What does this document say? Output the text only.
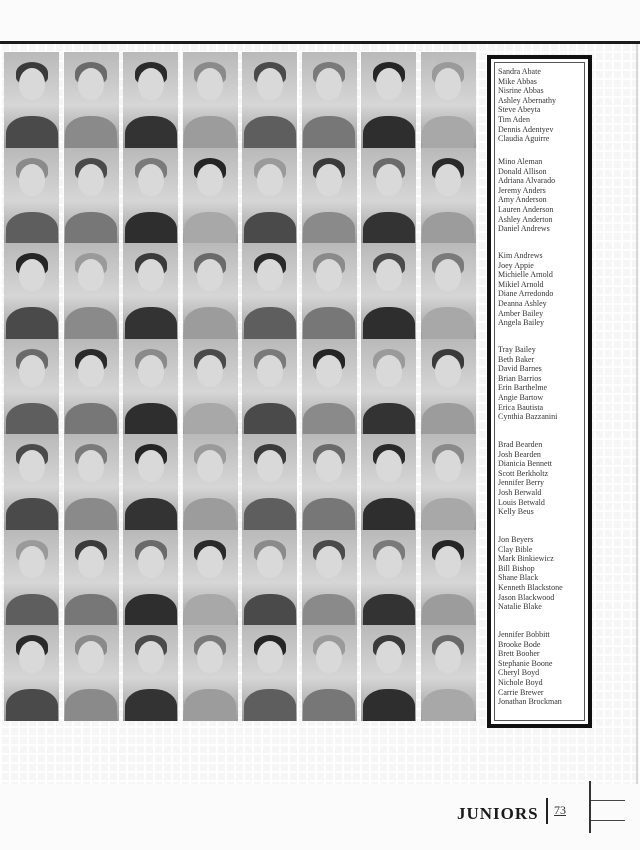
Sandra Abate
Mike Abbas
Nisrine Abbas
Ashley Abernathy
Steve Abeyta
Tim Aden
Dennis Adentyev
Claudia Aguirre
Mino Aleman
Donald Allison
Adriana Alvarado
Jeremy Anders
Amy Anderson
Lauren Anderson
Ashley Anderton
Daniel Andrews
Kim Andrews
Joey Appie
Michielle Arnold
Mikiel Arnold
Diane Arredondo
Deanna Ashley
Amber Bailey
Angela Bailey
Tray Bailey
Beth Baker
David Barnes
Brian Barrios
Erin Barthelme
Angie Bartow
Erica Bautista
Cynthia Bazzanini
Brad Bearden
Josh Bearden
Dianicia Bennett
Scott Berkholtz
Jennifer Berry
Josh Berwald
Louis Betwald
Kelly Beus
Jon Beyers
Clay Bible
Mark Binkiewicz
Bill Bishop
Shane Black
Kenneth Blackstone
Jason Blackwood
Natalie Blake
Jennifer Bobbitt
Brooke Bode
Brett Booher
Stephanie Boone
Cheryl Boyd
Nichole Boyd
Carrie Brewer
Jonathan Brockman
JUNIORS 73
